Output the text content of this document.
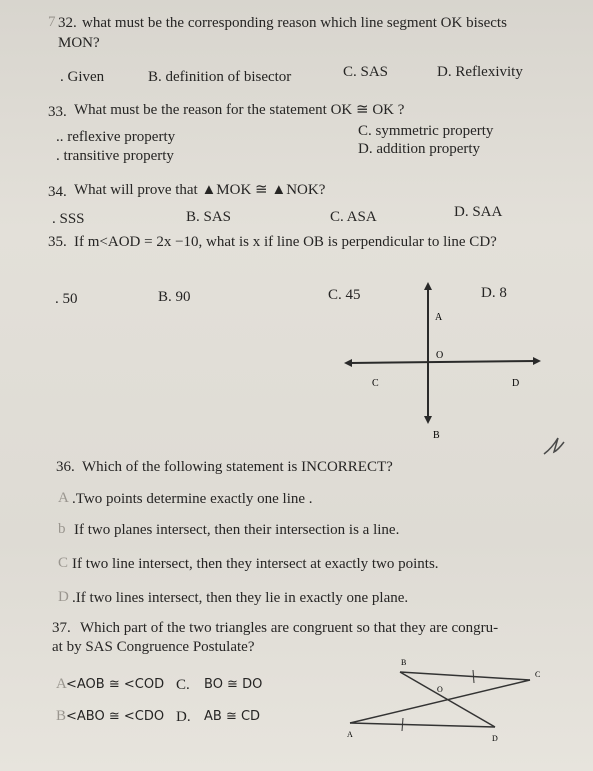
7 32. what must be the corresponding reason which line segment OK bisects
MON?
. Given	B. definition of bisector	C. SAS	D. Reflexivity
33. What must be the reason for the statement OK ≅ OK ?
.. reflexive property	C. symmetric property
. transitive property	D. addition property
34. What will prove that ▲MOK ≅ ▲NOK?
. SSS	B. SAS	C. ASA	D. SAA
35. If m<AOD = 2x −10, what is x if line OB is perpendicular to line CD?
. 50	B. 90	C. 45	D. 8
A
O
C	D
B
36. Which of the following statement is INCORRECT?
A .Two points determine exactly one line .
b If two planes intersect, then their intersection is a line.
C If two line intersect, then they intersect at exactly two points.
D .If two lines intersect, then they lie in exactly one plane.
37. Which part of the two triangles are congruent so that they are congru-
at by SAS Congruence Postulate?
A <AOB ≅ <COD C. BO ≅ DO
B <ABO ≅ <CDO D. AB ≅ CD
B
C
O
A	D
